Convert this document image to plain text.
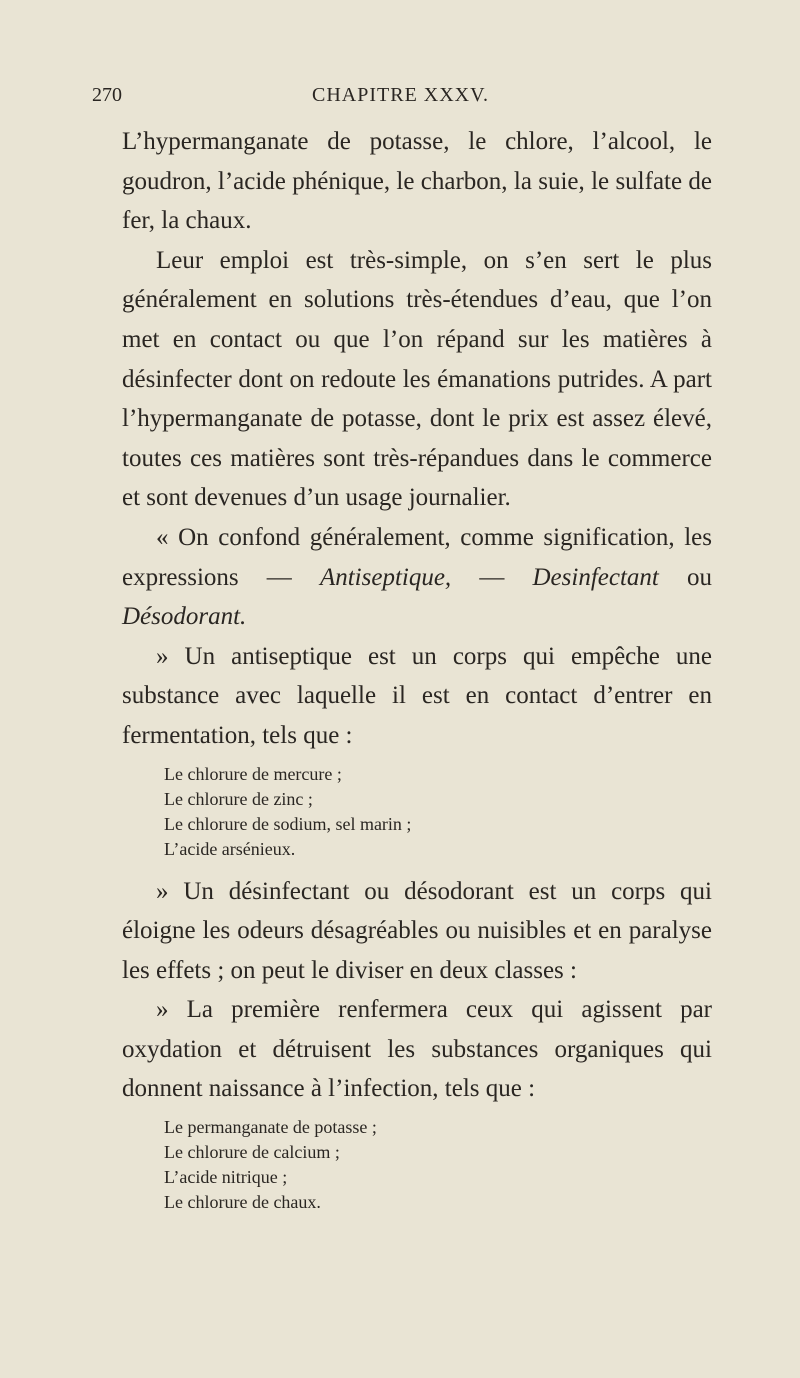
270	CHAPITRE XXXV.

L’hypermanganate de potasse, le chlore, l’alcool, le goudron, l’acide phénique, le charbon, la suie, le sulfate de fer, la chaux.

Leur emploi est très-simple, on s’en sert le plus généralement en solutions très-étendues d’eau, que l’on met en contact ou que l’on répand sur les matières à désinfecter dont on redoute les émanations putrides. A part l’hypermanganate de potasse, dont le prix est assez élevé, toutes ces matières sont très-répandues dans le commerce et sont devenues d’un usage journalier.

« On confond généralement, comme signification, les expressions — Antiseptique, — Desinfectant ou Désodorant.

» Un antiseptique est un corps qui empêche une substance avec laquelle il est en contact d’entrer en fermentation, tels que :

Le chlorure de mercure ;
Le chlorure de zinc ;
Le chlorure de sodium, sel marin ;
L’acide arsénieux.

» Un désinfectant ou désodorant est un corps qui éloigne les odeurs désagréables ou nuisibles et en paralyse les effets ; on peut le diviser en deux classes :

» La première renfermera ceux qui agissent par oxydation et détruisent les substances organiques qui donnent naissance à l’infection, tels que :

Le permanganate de potasse ;
Le chlorure de calcium ;
L’acide nitrique ;
Le chlorure de chaux.
